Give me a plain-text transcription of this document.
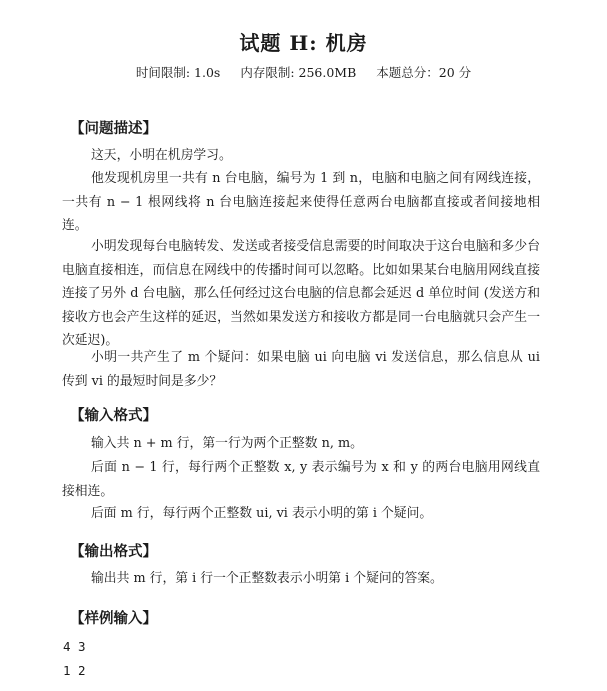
试题 H: 机房
时间限制: 1.0s 内存限制: 256.0MB 本题总分：20 分
【问题描述】
这天，小明在机房学习。
他发现机房里一共有 n 台电脑，编号为 1 到 n，电脑和电脑之间有网线连接，一共有 n − 1 根网线将 n 台电脑连接起来使得任意两台电脑都直接或者间接地相连。
小明发现每台电脑转发、发送或者接受信息需要的时间取决于这台电脑和多少台电脑直接相连，而信息在网线中的传播时间可以忽略。比如如果某台电脑用网线直接连接了另外 d 台电脑，那么任何经过这台电脑的信息都会延迟 d 单位时间 (发送方和接收方也会产生这样的延迟，当然如果发送方和接收方都是同一台电脑就只会产生一次延迟)。
小明一共产生了 m 个疑问：如果电脑 ui 向电脑 vi 发送信息，那么信息从 ui 传到 vi 的最短时间是多少？
【输入格式】
输入共 n + m 行，第一行为两个正整数 n, m。
后面 n − 1 行，每行两个正整数 x, y 表示编号为 x 和 y 的两台电脑用网线直接相连。
后面 m 行，每行两个正整数 ui, vi 表示小明的第 i 个疑问。
【输出格式】
输出共 m 行，第 i 行一个正整数表示小明第 i 个疑问的答案。
【样例输入】
4 3
1 2
